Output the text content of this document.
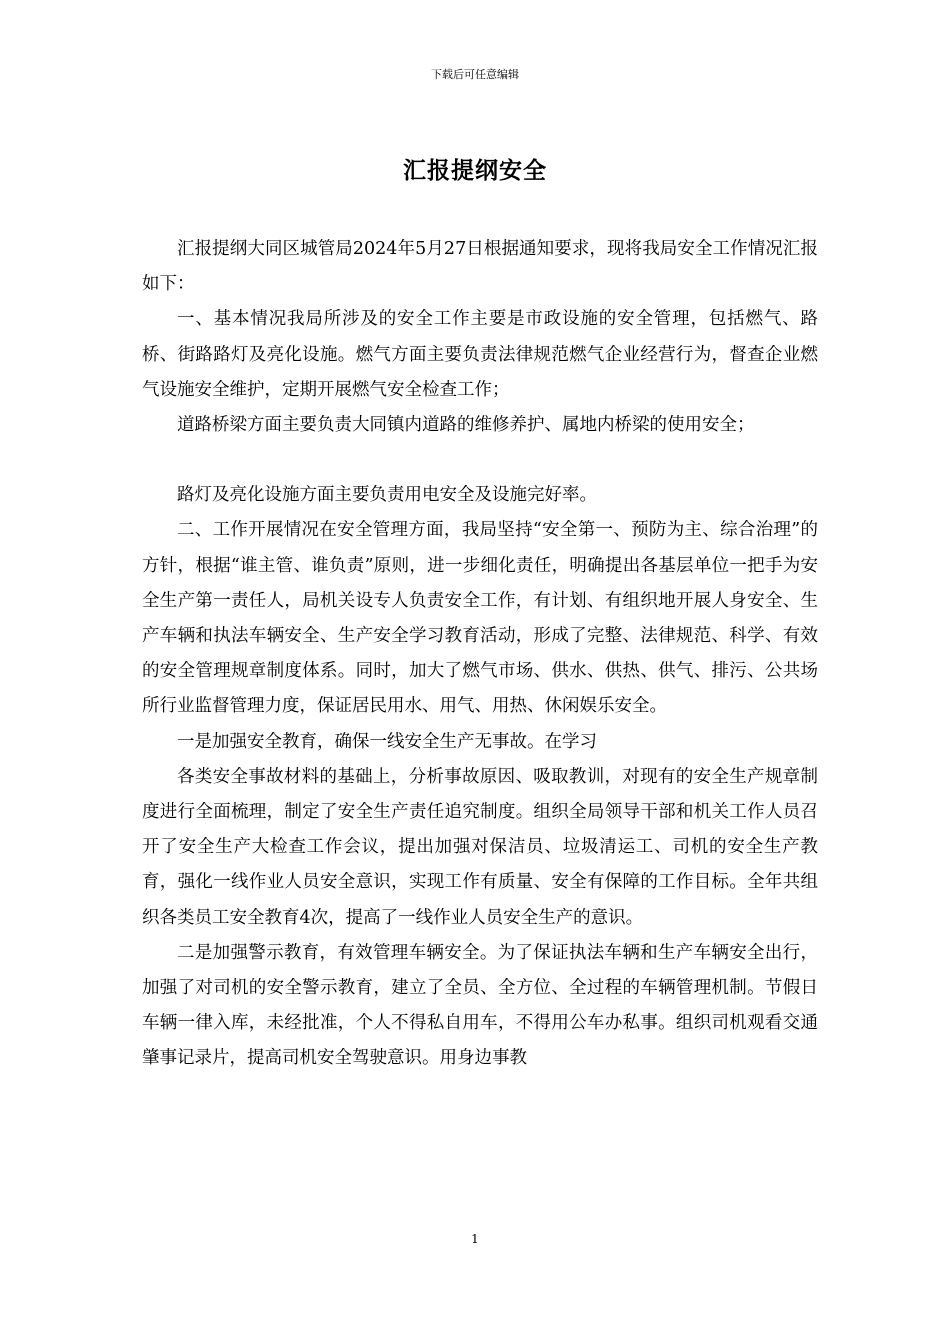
下载后可任意编辑
汇报提纲安全

汇报提纲大同区城管局2024年5月27日根据通知要求，现将我局安全工作情况汇报如下：

一、基本情况我局所涉及的安全工作主要是市政设施的安全管理，包括燃气、路桥、街路路灯及亮化设施。燃气方面主要负责法律规范燃气企业经营行为，督查企业燃气设施安全维护，定期开展燃气安全检查工作；

道路桥梁方面主要负责大同镇内道路的维修养护、属地内桥梁的使用安全；

路灯及亮化设施方面主要负责用电安全及设施完好率。

二、工作开展情况在安全管理方面，我局坚持“安全第一、预防为主、综合治理”的方针，根据“谁主管、谁负责”原则，进一步细化责任，明确提出各基层单位一把手为安全生产第一责任人，局机关设专人负责安全工作，有计划、有组织地开展人身安全、生产车辆和执法车辆安全、生产安全学习教育活动，形成了完整、法律规范、科学、有效的安全管理规章制度体系。同时，加大了燃气市场、供水、供热、供气、排污、公共场所行业监督管理力度，保证居民用水、用气、用热、休闲娱乐安全。

一是加强安全教育，确保一线安全生产无事故。在学习

各类安全事故材料的基础上，分析事故原因、吸取教训，对现有的安全生产规章制度进行全面梳理，制定了安全生产责任追究制度。组织全局领导干部和机关工作人员召开了安全生产大检查工作会议，提出加强对保洁员、垃圾清运工、司机的安全生产教育，强化一线作业人员安全意识，实现工作有质量、安全有保障的工作目标。全年共组织各类员工安全教育4次，提高了一线作业人员安全生产的意识。

二是加强警示教育，有效管理车辆安全。为了保证执法车辆和生产车辆安全出行，加强了对司机的安全警示教育，建立了全员、全方位、全过程的车辆管理机制。节假日车辆一律入库，未经批准，个人不得私自用车，不得用公车办私事。组织司机观看交通肇事记录片，提高司机安全驾驶意识。用身边事教

1
